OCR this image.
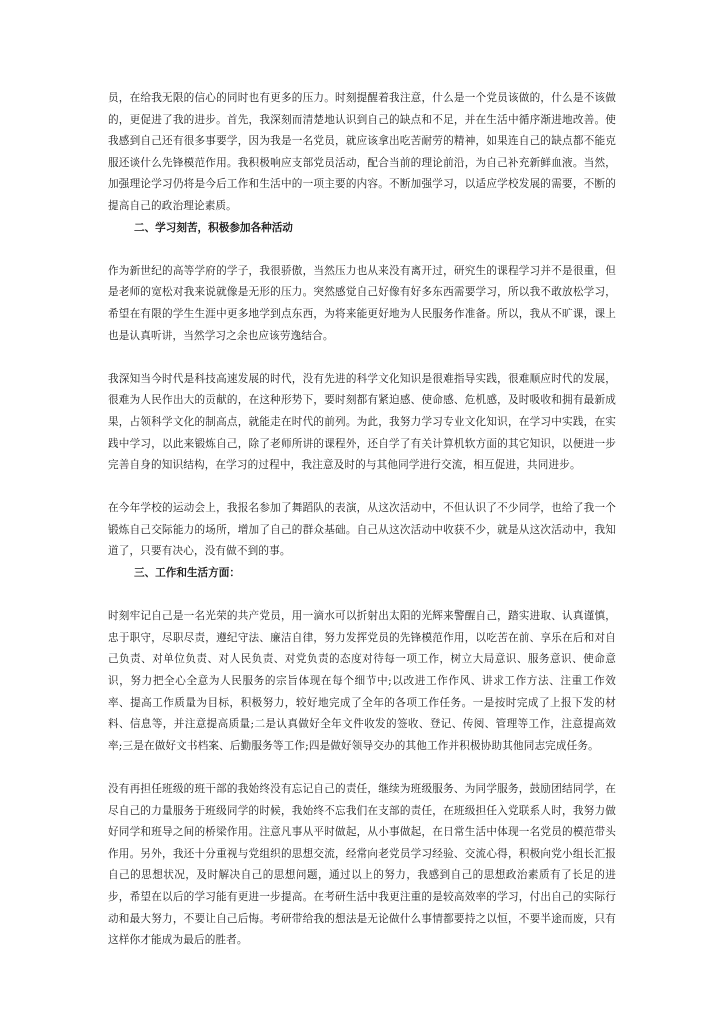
员，在给我无限的信心的同时也有更多的压力。时刻提醒着我注意，什么是一个党员该做的，什么是不该做的，更促进了我的进步。首先，我深刻而清楚地认识到自己的缺点和不足，并在生活中循序渐进地改善。使我感到自己还有很多事要学，因为我是一名党员，就应该拿出吃苦耐劳的精神，如果连自己的缺点都不能克服还谈什么先锋模范作用。我积极响应支部党员活动，配合当前的理论前沿，为自己补充新鲜血液。当然，加强理论学习仍将是今后工作和生活中的一项主要的内容。不断加强学习，以适应学校发展的需要，不断的提高自己的政治理论素质。

二、学习刻苦，积极参加各种活动

作为新世纪的高等学府的学子，我很骄傲，当然压力也从来没有离开过，研究生的课程学习并不是很重，但是老师的宽松对我来说就像是无形的压力。突然感觉自己好像有好多东西需要学习，所以我不敢放松学习，希望在有限的学生生涯中更多地学到点东西，为将来能更好地为人民服务作准备。所以，我从不旷课，课上也是认真听讲，当然学习之余也应该劳逸结合。

我深知当今时代是科技高速发展的时代，没有先进的科学文化知识是很难指导实践，很难顺应时代的发展，很难为人民作出大的贡献的，在这种形势下，要时刻都有紧迫感、使命感、危机感，及时吸收和拥有最新成果，占领科学文化的制高点，就能走在时代的前列。为此，我努力学习专业文化知识，在学习中实践，在实践中学习，以此来锻炼自己，除了老师所讲的课程外，还自学了有关计算机软方面的其它知识，以便进一步完善自身的知识结构，在学习的过程中，我注意及时的与其他同学进行交流，相互促进，共同进步。

在今年学校的运动会上，我报名参加了舞蹈队的表演，从这次活动中，不但认识了不少同学，也给了我一个锻炼自己交际能力的场所，增加了自己的群众基础。自己从这次活动中收获不少，就是从这次活动中，我知道了，只要有决心，没有做不到的事。

三、工作和生活方面：

时刻牢记自己是一名光荣的共产党员，用一滴水可以折射出太阳的光辉来警醒自己，踏实进取、认真谨慎，忠于职守，尽职尽责，遵纪守法、廉洁自律，努力发挥党员的先锋模范作用，以吃苦在前、享乐在后和对自己负责、对单位负责、对人民负责、对党负责的态度对待每一项工作，树立大局意识、服务意识、使命意识，努力把全心全意为人民服务的宗旨体现在每个细节中;以改进工作作风、讲求工作方法、注重工作效率、提高工作质量为目标，积极努力，较好地完成了全年的各项工作任务。一是按时完成了上报下发的材料、信息等，并注意提高质量;二是认真做好全年文件收发的签收、登记、传阅、管理等工作，注意提高效率;三是在做好文书档案、后勤服务等工作;四是做好领导交办的其他工作并积极协助其他同志完成任务。

没有再担任班级的班干部的我始终没有忘记自己的责任，继续为班级服务、为同学服务，鼓励团结同学，在尽自己的力量服务于班级同学的时候，我始终不忘我们在支部的责任，在班级担任入党联系人时，我努力做好同学和班导之间的桥梁作用。注意凡事从平时做起，从小事做起，在日常生活中体现一名党员的模范带头作用。另外，我还十分重视与党组织的思想交流，经常向老党员学习经验、交流心得，积极向党小组长汇报自己的思想状况，及时解决自己的思想问题，通过以上的努力，我感到自己的思想政治素质有了长足的进步，希望在以后的学习能有更进一步提高。在考研生活中我更注重的是较高效率的学习，付出自己的实际行动和最大努力，不要让自己后悔。考研带给我的想法是无论做什么事情都要持之以恒，不要半途而废，只有这样你才能成为最后的胜者。
